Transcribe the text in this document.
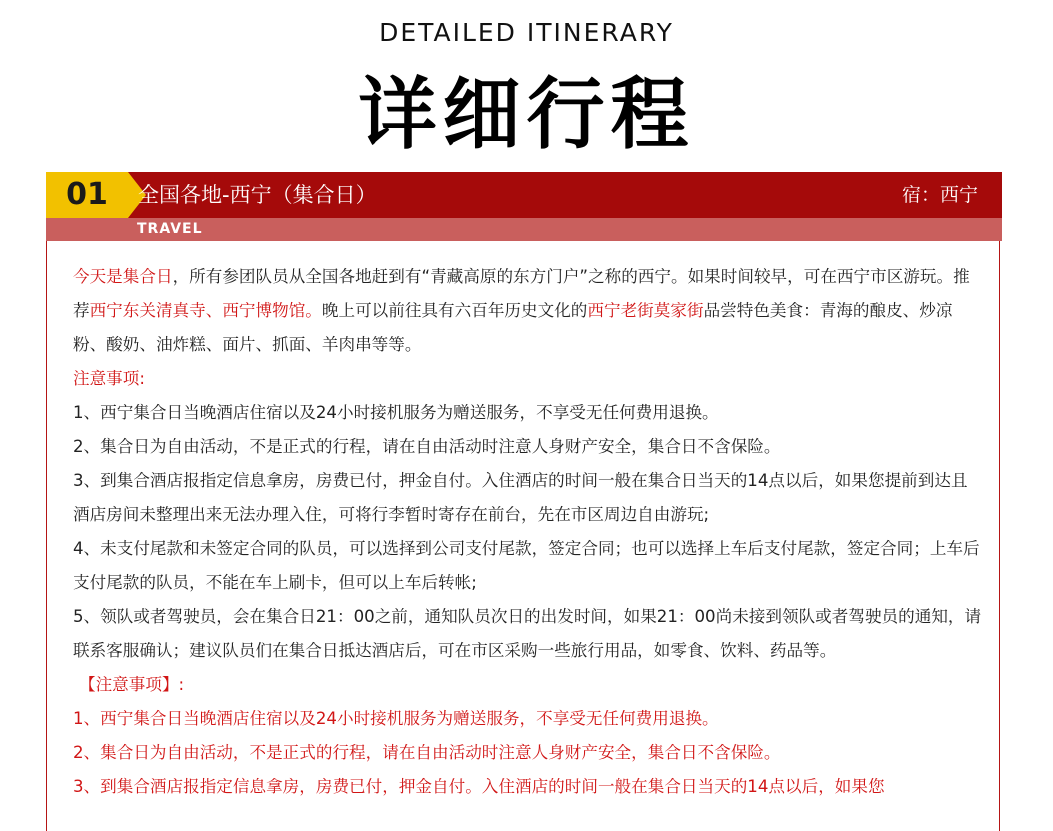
DETAILED ITINERARY
详细行程
01	全国各地-西宁（集合日）	宿：西宁
TRAVEL

今天是集合日，所有参团队员从全国各地赶到有“青藏高原的东方门户”之称的西宁。如果时间较早，可在西宁市区游玩。推荐西宁东关清真寺、西宁博物馆。晚上可以前往具有六百年历史文化的西宁老街莫家街品尝特色美食：青海的酿皮、炒凉粉、酸奶、油炸糕、面片、抓面、羊肉串等等。

注意事项:

1、西宁集合日当晚酒店住宿以及24小时接机服务为赠送服务，不享受无任何费用退换。

2、集合日为自由活动，不是正式的行程，请在自由活动时注意人身财产安全，集合日不含保险。

3、到集合酒店报指定信息拿房，房费已付，押金自付。入住酒店的时间一般在集合日当天的14点以后，如果您提前到达且酒店房间未整理出来无法办理入住，可将行李暂时寄存在前台，先在市区周边自由游玩;

4、未支付尾款和未签定合同的队员，可以选择到公司支付尾款，签定合同；也可以选择上车后支付尾款，签定合同；上车后支付尾款的队员，不能在车上刷卡，但可以上车后转帐;

5、领队或者驾驶员，会在集合日21：00之前，通知队员次日的出发时间，如果21：00尚未接到领队或者驾驶员的通知，请联系客服确认；建议队员们在集合日抵达酒店后，可在市区采购一些旅行用品，如零食、饮料、药品等。

【注意事项】:

1、西宁集合日当晚酒店住宿以及24小时接机服务为赠送服务，不享受无任何费用退换。

2、集合日为自由活动，不是正式的行程，请在自由活动时注意人身财产安全，集合日不含保险。

3、到集合酒店报指定信息拿房，房费已付，押金自付。入住酒店的时间一般在集合日当天的14点以后，如果您
